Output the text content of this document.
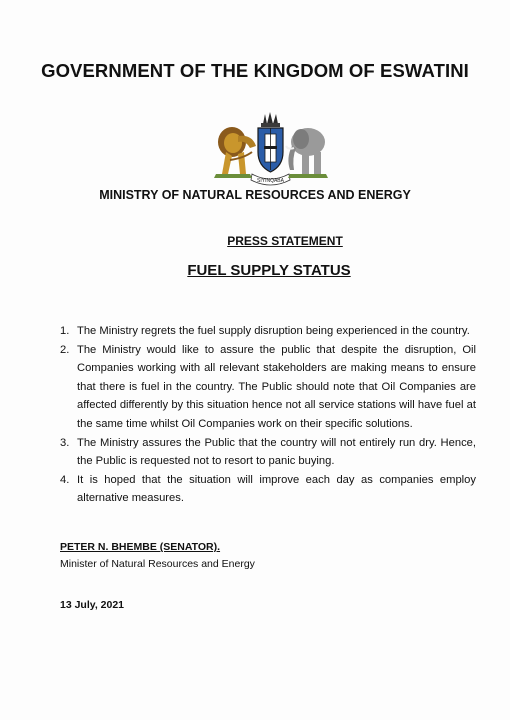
GOVERNMENT OF THE KINGDOM OF ESWATINI
SIYINQABA
MINISTRY OF NATURAL RESOURCES AND ENERGY
PRESS STATEMENT
FUEL SUPPLY STATUS
1. The Ministry regrets the fuel supply disruption being experienced in the country.
2. The Ministry would like to assure the public that despite the disruption, Oil Companies working with all relevant stakeholders are making means to ensure that there is fuel in the country. The Public should note that Oil Companies are affected differently by this situation hence not all service stations will have fuel at the same time whilst Oil Companies work on their specific solutions.
3. The Ministry assures the Public that the country will not entirely run dry. Hence, the Public is requested not to resort to panic buying.
4. It is hoped that the situation will improve each day as companies employ alternative measures.
PETER N. BHEMBE (SENATOR).
Minister of Natural Resources and Energy
13 July, 2021
